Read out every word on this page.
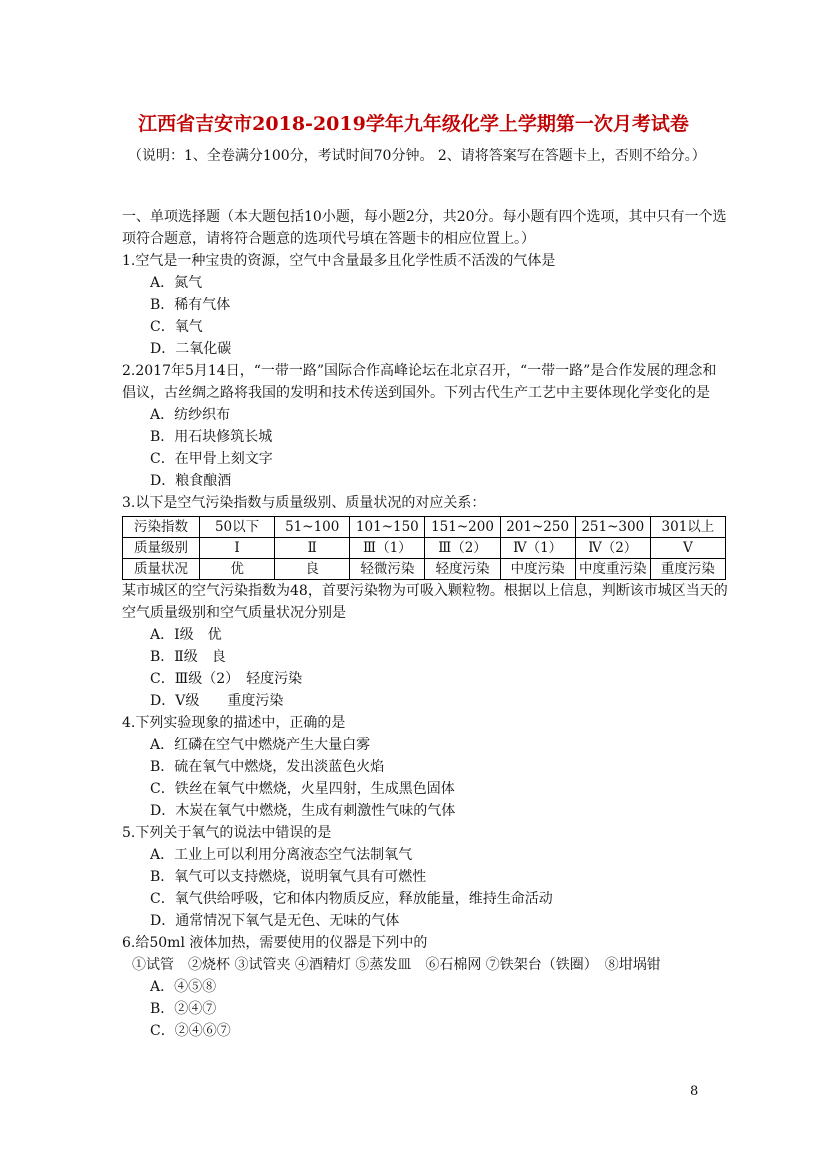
江西省吉安市2018-2019学年九年级化学上学期第一次月考试卷
（说明：1、全卷满分100分，考试时间70分钟。 2、请将答案写在答题卡上，否则不给分。）

一、单项选择题（本大题包括10小题，每小题2分，共20分。每小题有四个选项，其中只有一个选项符合题意，请将符合题意的选项代号填在答题卡的相应位置上。）

1.空气是一种宝贵的资源，空气中含量最多且化学性质不活泼的气体是

A．氮气

B．稀有气体

C．氧气

D．二氧化碳

2.2017年5月14日，“一带一路”国际合作高峰论坛在北京召开，“一带一路”是合作发展的理念和倡议，古丝绸之路将我国的发明和技术传送到国外。下列古代生产工艺中主要体现化学变化的是

A．纺纱织布

B．用石块修筑长城

C．在甲骨上刻文字

D．粮食酿酒

3.以下是空气污染指数与质量级别、质量状况的对应关系：

污染指数	50以下	51~100	101~150	151~200	201~250	251~300	301以上
质量级别	Ⅰ	Ⅱ	Ⅲ（1）	Ⅲ（2）	Ⅳ（1）	Ⅳ（2）	Ⅴ
质量状况	优	良	轻微污染	轻度污染	中度污染	中度重污染	重度污染

某市城区的空气污染指数为48，首要污染物为可吸入颗粒物。根据以上信息，判断该市城区当天的空气质量级别和空气质量状况分别是

A．Ⅰ级　优

B．Ⅱ级　良

C．Ⅲ级（2）　轻度污染

D．Ⅴ级　　重度污染

4.下列实验现象的描述中，正确的是

A．红磷在空气中燃烧产生大量白雾

B．硫在氧气中燃烧，发出淡蓝色火焰

C．铁丝在氧气中燃烧，火星四射，生成黑色固体

D．木炭在氧气中燃烧，生成有刺激性气味的气体

5.下列关于氧气的说法中错误的是

A．工业上可以利用分离液态空气法制氧气

B．氧气可以支持燃烧，说明氧气具有可燃性

C．氧气供给呼吸，它和体内物质反应，释放能量，维持生命活动

D．通常情况下氧气是无色、无味的气体

6.给50ml 液体加热，需要使用的仪器是下列中的

①试管　②烧杯 ③试管夹 ④酒精灯 ⑤蒸发皿　⑥石棉网 ⑦铁架台（铁圈）　⑧坩埚钳

A．④⑤⑧

B．②④⑦

C．②④⑥⑦

8
